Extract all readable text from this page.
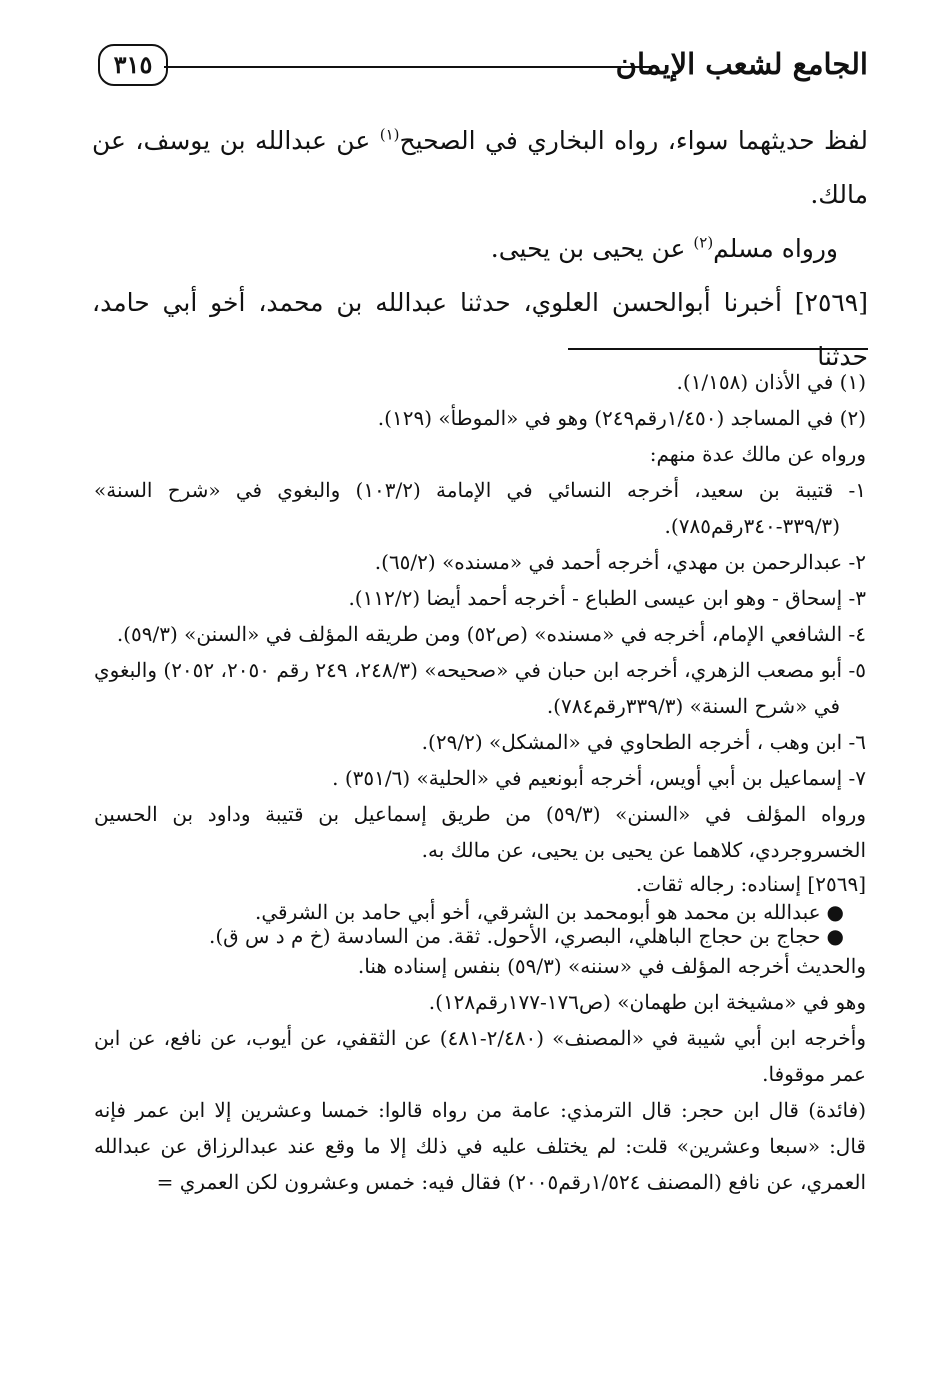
٣١٥	الجامع لشعب الإيمان

لفظ حديثهما سواء، رواه البخاري في الصحيح$^{(١)}$ عن عبدالله بن يوسف، عن مالك.

ورواه مسلم$^{(٢)}$ عن يحيى بن يحيى.

[٢٥٦٩] أخبرنا أبوالحسن العلوي، حدثنا عبدالله بن محمد، أخو أبي حامد، حدثنا

(١) في الأذان (١/١٥٨).

(٢) في المساجد (١/٤٥٠رقم٢٤٩) وهو في «الموطأ» (١٢٩).

ورواه عن مالك عدة منهم:

١- قتيبة بن سعيد، أخرجه النسائي في الإمامة (١٠٣/٢) والبغوي في «شرح السنة» (٣٣٩/٣-٣٤٠رقم٧٨٥).

٢- عبدالرحمن بن مهدي، أخرجه أحمد في «مسنده» (٦٥/٢).

٣- إسحاق - وهو ابن عيسى الطباع - أخرجه أحمد أيضا (١١٢/٢).

٤- الشافعي الإمام، أخرجه في «مسنده» (ص٥٢) ومن طريقه المؤلف في «السنن» (٥٩/٣).

٥- أبو مصعب الزهري، أخرجه ابن حبان في «صحيحه» (٢٤٨/٣، ٢٤٩ رقم ٢٠٥٠، ٢٠٥٢) والبغوي في «شرح السنة» (٣٣٩/٣رقم٧٨٤).

٦- ابن وهب ، أخرجه الطحاوي في «المشكل» (٢٩/٢).

٧- إسماعيل بن أبي أويس، أخرجه أبونعيم في «الحلية» (٣٥١/٦) .

ورواه المؤلف في «السنن» (٥٩/٣) من طريق إسماعيل بن قتيبة وداود بن الحسين الخسروجردي، كلاهما عن يحيى بن يحيى، عن مالك به.

[٢٥٦٩] إسناده: رجاله ثقات.

●عبدالله بن محمد هو أبومحمد بن الشرقي، أخو أبي حامد بن الشرقي.

●حجاج بن حجاج الباهلي، البصري، الأحول. ثقة. من السادسة (خ م د س ق).

والحديث أخرجه المؤلف في «سننه» (٥٩/٣) بنفس إسناده هنا.

وهو في «مشيخة ابن طهمان» (ص١٧٦-١٧٧رقم١٢٨).

وأخرجه ابن أبي شيبة في «المصنف» (٢/٤٨٠-٤٨١) عن الثقفي، عن أيوب، عن نافع، عن ابن عمر موقوفا.

(فائدة) قال ابن حجر: قال الترمذي: عامة من رواه قالوا: خمسا وعشرين إلا ابن عمر فإنه قال: «سبعا وعشرين» قلت: لم يختلف عليه في ذلك إلا ما وقع عند عبدالرزاق عن عبدالله العمري، عن نافع (المصنف ١/٥٢٤رقم٢٠٠٥) فقال فيه: خمس وعشرون لكن العمري =
